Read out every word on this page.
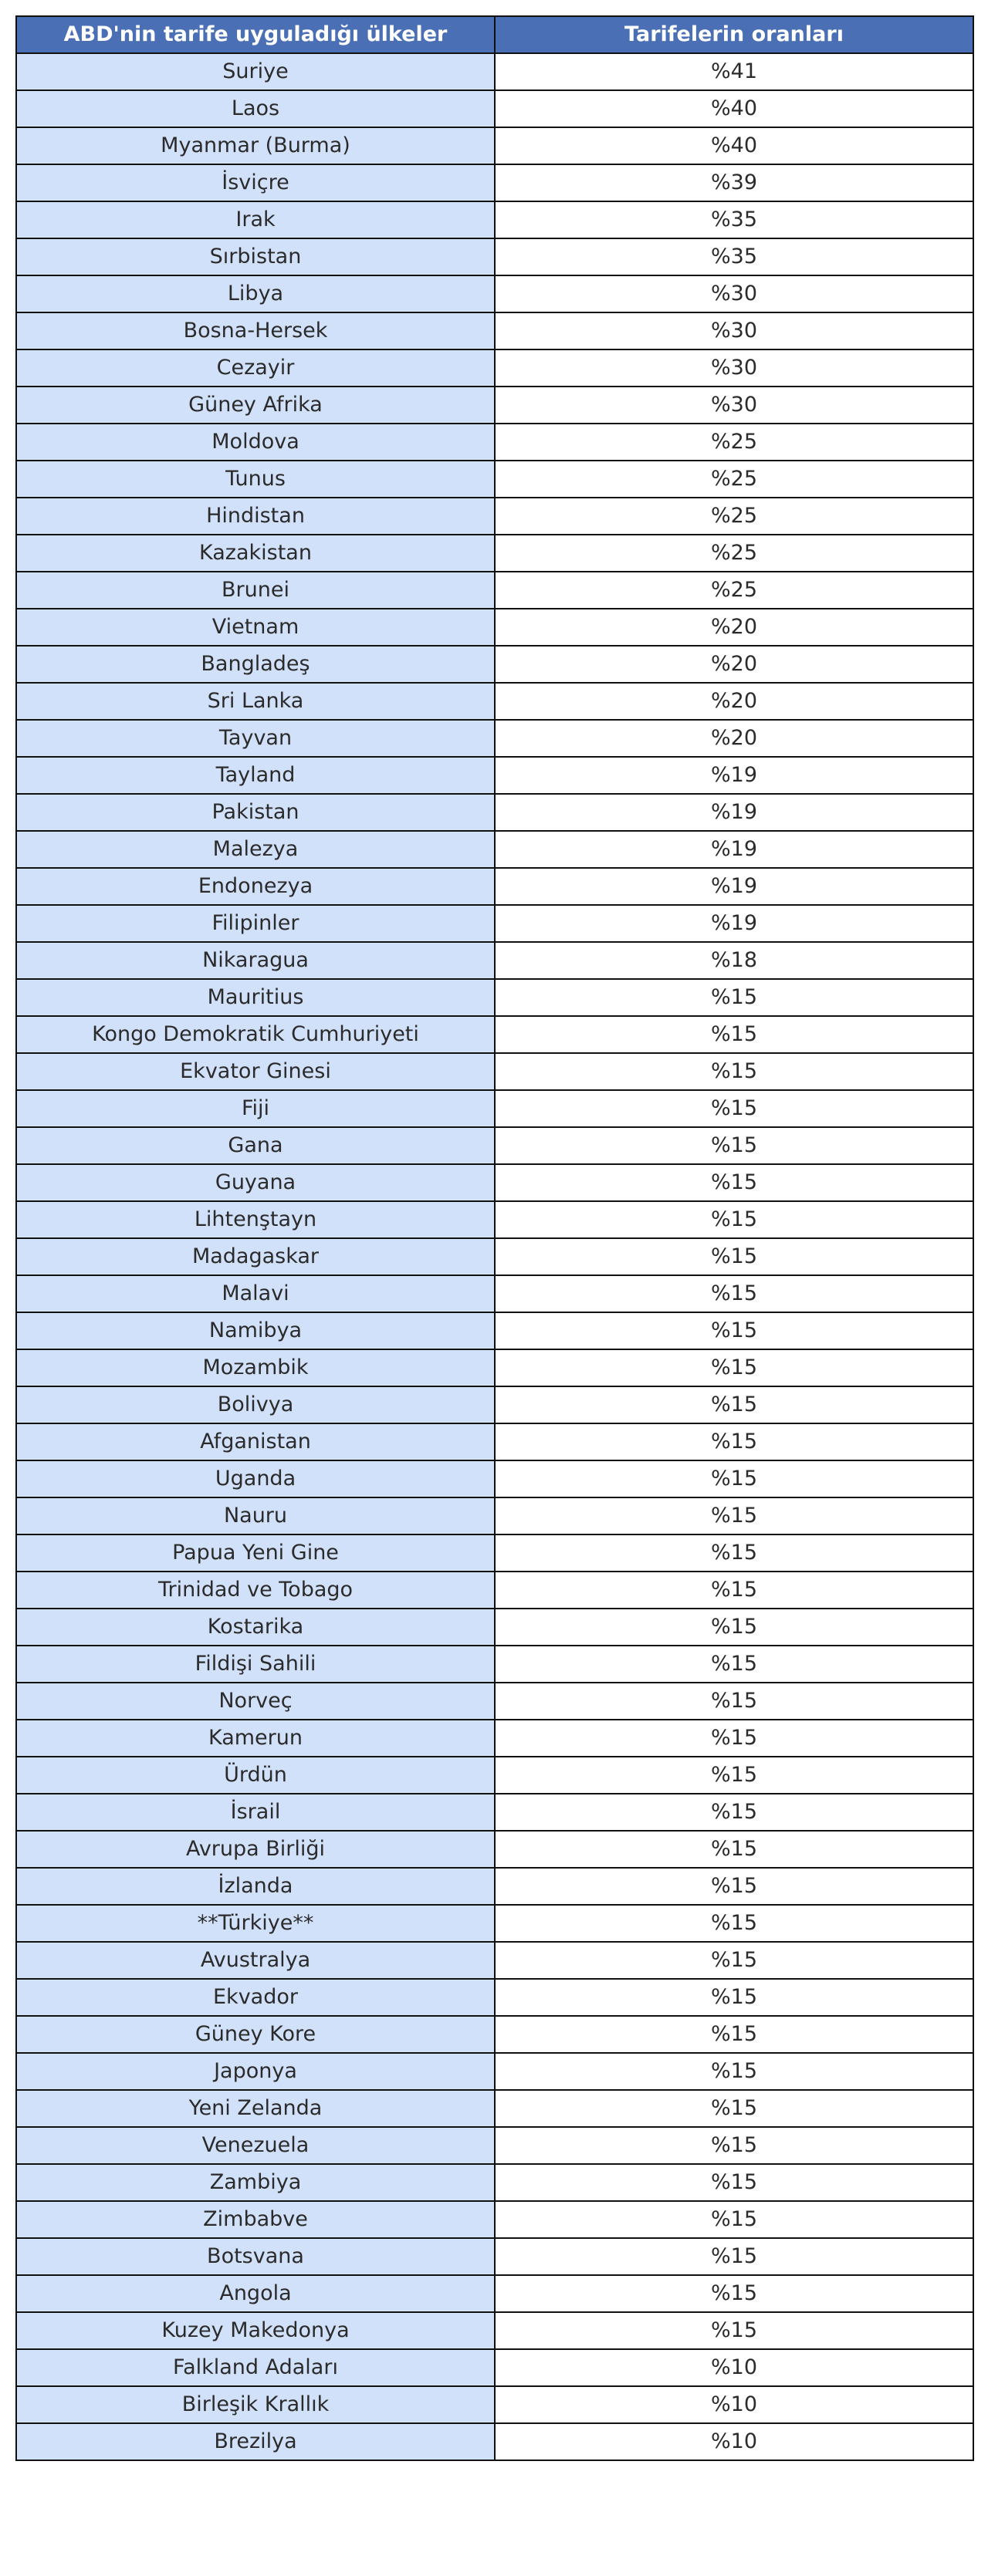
ABD'nin tarife uyguladığı ülkeler	Tarifelerin oranları
Suriye	%41
Laos	%40
Myanmar (Burma)	%40
İsviçre	%39
Irak	%35
Sırbistan	%35
Libya	%30
Bosna-Hersek	%30
Cezayir	%30
Güney Afrika	%30
Moldova	%25
Tunus	%25
Hindistan	%25
Kazakistan	%25
Brunei	%25
Vietnam	%20
Bangladeş	%20
Sri Lanka	%20
Tayvan	%20
Tayland	%19
Pakistan	%19
Malezya	%19
Endonezya	%19
Filipinler	%19
Nikaragua	%18
Mauritius	%15
Kongo Demokratik Cumhuriyeti	%15
Ekvator Ginesi	%15
Fiji	%15
Gana	%15
Guyana	%15
Lihtenştayn	%15
Madagaskar	%15
Malavi	%15
Namibya	%15
Mozambik	%15
Bolivya	%15
Afganistan	%15
Uganda	%15
Nauru	%15
Papua Yeni Gine	%15
Trinidad ve Tobago	%15
Kostarika	%15
Fildişi Sahili	%15
Norveç	%15
Kamerun	%15
Ürdün	%15
İsrail	%15
Avrupa Birliği	%15
İzlanda	%15
**Türkiye**	%15
Avustralya	%15
Ekvador	%15
Güney Kore	%15
Japonya	%15
Yeni Zelanda	%15
Venezuela	%15
Zambiya	%15
Zimbabve	%15
Botsvana	%15
Angola	%15
Kuzey Makedonya	%15
Falkland Adaları	%10
Birleşik Krallık	%10
Brezilya	%10
